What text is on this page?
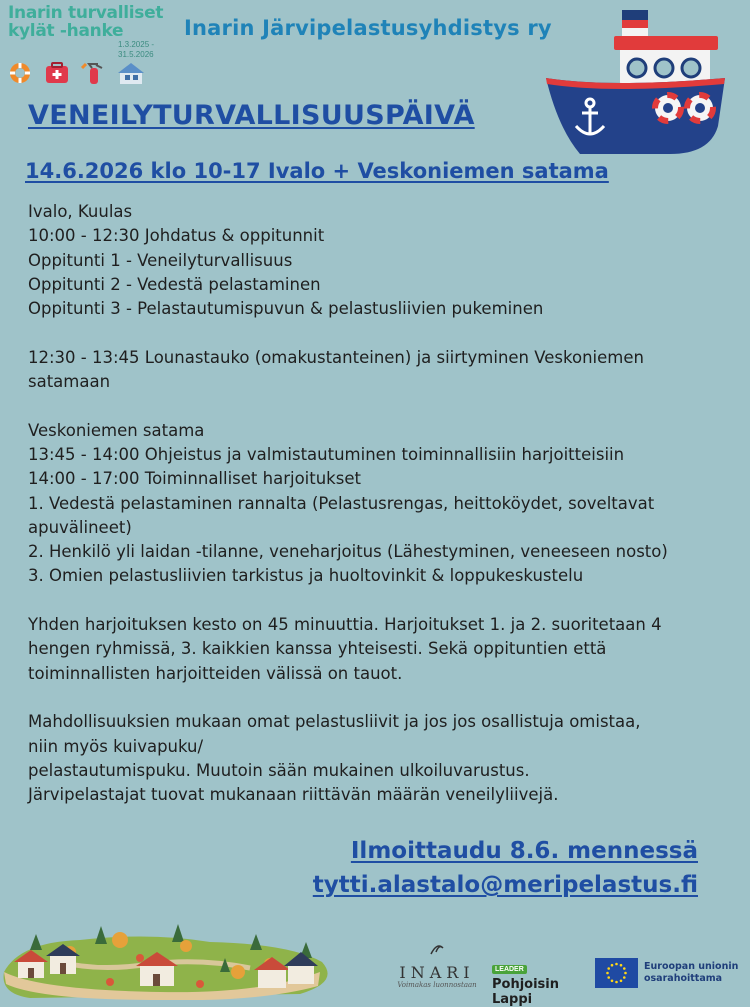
Inarin turvalliset
kylät -hanke
1.3.2025 -
31.5.2026
Inarin Järvipelastusyhdistys ry
VENEILYTURVALLISUUSPÄIVÄ
14.6.2026 klo 10-17 Ivalo + Veskoniemen satama
Ivalo, Kuulas
10:00 - 12:30 Johdatus & oppitunnit
Oppitunti 1 - Veneilyturvallisuus
Oppitunti 2 - Vedestä pelastaminen
Oppitunti 3 - Pelastautumispuvun & pelastusliivien pukeminen
12:30 - 13:45 Lounastauko (omakustanteinen) ja siirtyminen Veskoniemen
satamaan
Veskoniemen satama
13:45 - 14:00 Ohjeistus ja valmistautuminen toiminnallisiin harjoitteisiin
14:00 - 17:00 Toiminnalliset harjoitukset
1. Vedestä pelastaminen rannalta (Pelastusrengas, heittoköydet, soveltavat
apuvälineet)
2. Henkilö yli laidan -tilanne, veneharjoitus (Lähestyminen, veneeseen nosto)
3. Omien pelastusliivien tarkistus ja huoltovinkit & loppukeskustelu
Yhden harjoituksen kesto on 45 minuuttia. Harjoitukset 1. ja 2. suoritetaan 4
hengen ryhmissä, 3. kaikkien kanssa yhteisesti. Sekä oppituntien että
toiminnallisten harjoitteiden välissä on tauot.
Mahdollisuuksien mukaan omat pelastusliivit ja jos jos osallistuja omistaa,
niin myös kuivapuku/
pelastautumispuku. Muutoin sään mukainen ulkoiluvarustus.
Järvipelastajat tuovat mukanaan riittävän määrän veneilyliivejä.
Ilmoittaudu 8.6. mennessä
tytti.alastalo@meripelastus.fi
INARI
Voimakas luonnostaan
LEADER
Pohjoisin Lappi
Euroopan unionin
osarahoittama
